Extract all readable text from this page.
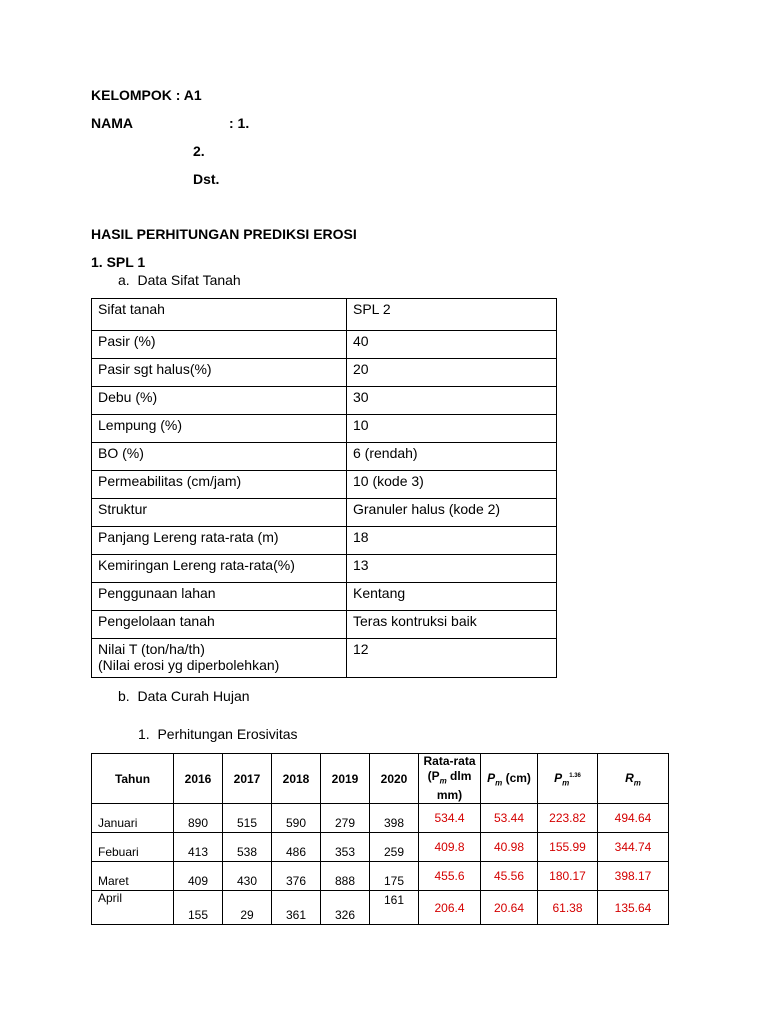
KELOMPOK : A1
NAMA	: 1.
2.
Dst.
HASIL PERHITUNGAN PREDIKSI EROSI
1. SPL 1
a.  Data Sifat Tanah
Sifat tanah	SPL 2
Pasir (%)	40
Pasir sgt halus(%)	20
Debu (%)	30
Lempung (%)	10
BO (%)	6 (rendah)
Permeabilitas (cm/jam)	10 (kode 3)
Struktur	Granuler halus (kode 2)
Panjang Lereng rata-rata (m)	18
Kemiringan Lereng rata-rata(%)	13
Penggunaan lahan	Kentang
Pengelolaan tanah	Teras kontruksi baik

Nilai T (ton/ha/th)
(Nilai erosi yg diperbolehkan)	12
b.  Data Curah Hujan
1.  Perhitungan Erosivitas
Tahun	2016	2017	2018	2019	2020	Rata-rata
($P_m$ dlm
mm)	$P_m$ (cm)	$P_m^{1.36}$	$R_m$
Januari	890	515	590	279	398	534.4	53.44	223.82	494.64
Febuari	413	538	486	353	259	409.8	40.98	155.99	344.74
Maret	409	430	376	888	175	455.6	45.56	180.17	398.17
April	155	29	361	326	161	206.4	20.64	61.38	135.64
